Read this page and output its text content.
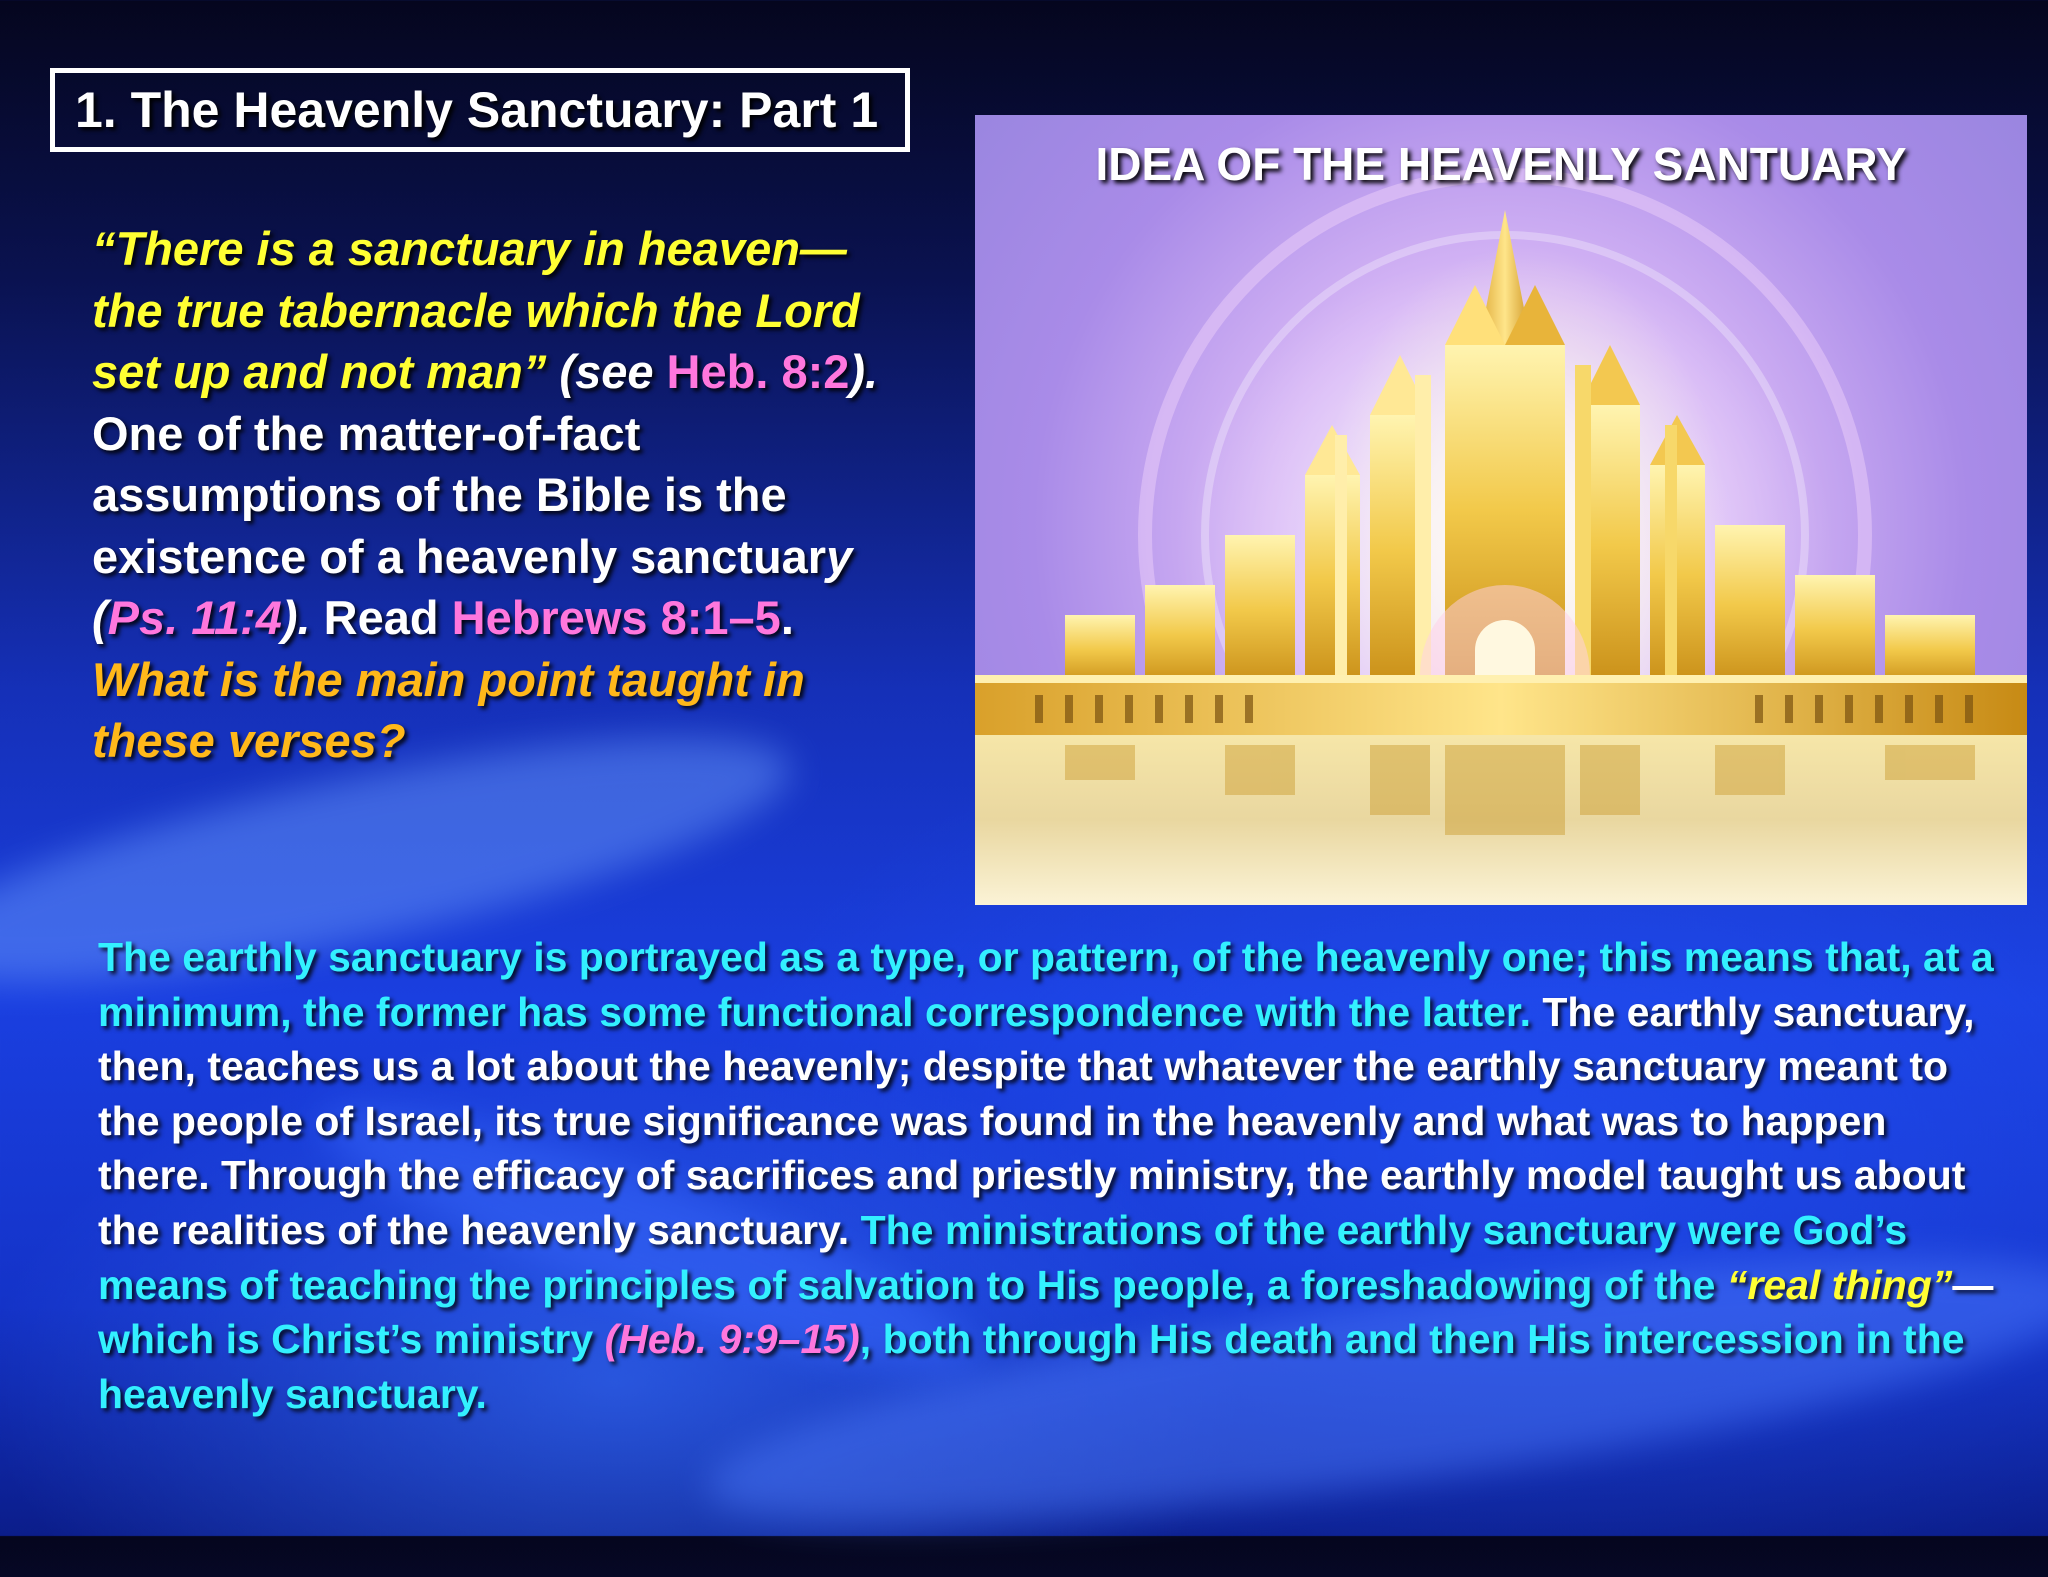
1. The Heavenly Sanctuary: Part 1
“There is a sanctuary in heaven—the true tabernacle which the Lord set up and not man” (see Heb. 8:2).
One of the matter-of-fact assumptions of the Bible is the existence of a heavenly sanctuary (Ps. 11:4). Read Hebrews 8:1–5. What is the main point taught in these verses?
IDEA OF THE HEAVENLY SANTUARY
The earthly sanctuary is portrayed as a type, or pattern, of the heavenly one; this means that, at a minimum, the former has some functional correspondence with the latter. The earthly sanctuary, then, teaches us a lot about the heavenly; despite that whatever the earthly sanctuary meant to the people of Israel, its true significance was found in the heavenly and what was to happen there. Through the efficacy of sacrifices and priestly ministry, the earthly model taught us about the realities of the heavenly sanctuary. The ministrations of the earthly sanctuary were God’s means of teaching the principles of salvation to His people, a foreshadowing of the “real thing”—which is Christ’s ministry (Heb. 9:9–15), both through His death and then His intercession in the heavenly sanctuary.
